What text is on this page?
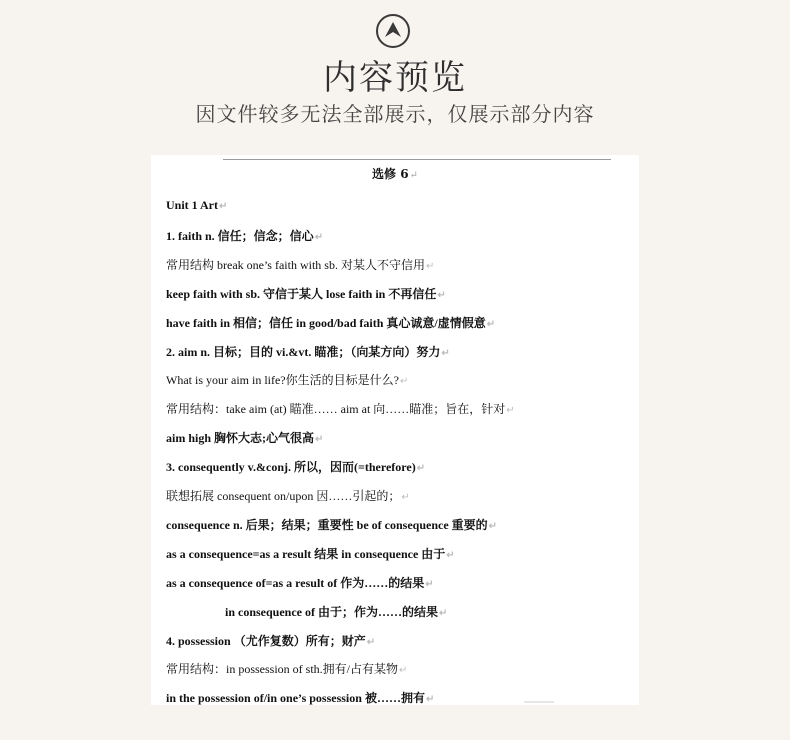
内容预览
因文件较多无法全部展示，仅展示部分内容
选修 6↵
Unit 1 Art↵
1. faith n. 信任；信念；信心↵
常用结构 break one’s faith with sb. 对某人不守信用↵
keep faith with sb. 守信于某人 lose faith in 不再信任↵
have faith in 相信；信任 in good/bad faith 真心诚意/虚情假意↵
2. aim n. 目标；目的 vi.&vt. 瞄准；（向某方向）努力↵
What is your aim in life?你生活的目标是什么?↵
常用结构：take aim (at) 瞄准…… aim at 向……瞄准；旨在，针对↵
aim high 胸怀大志;心气很高↵
3. consequently v.&conj. 所以，因而(=therefore)↵
联想拓展 consequent on/upon 因……引起的；↵
consequence n. 后果；结果；重要性 be of consequence 重要的↵
as a consequence=as a result 结果 in consequence 由于↵
as a consequence of=as a result of 作为……的结果↵
in consequence of 由于；作为……的结果↵
4. possession （尤作复数）所有；财产↵
常用结构：in possession of sth.拥有/占有某物↵
in the possession of/in one’s possession 被……拥有↵
